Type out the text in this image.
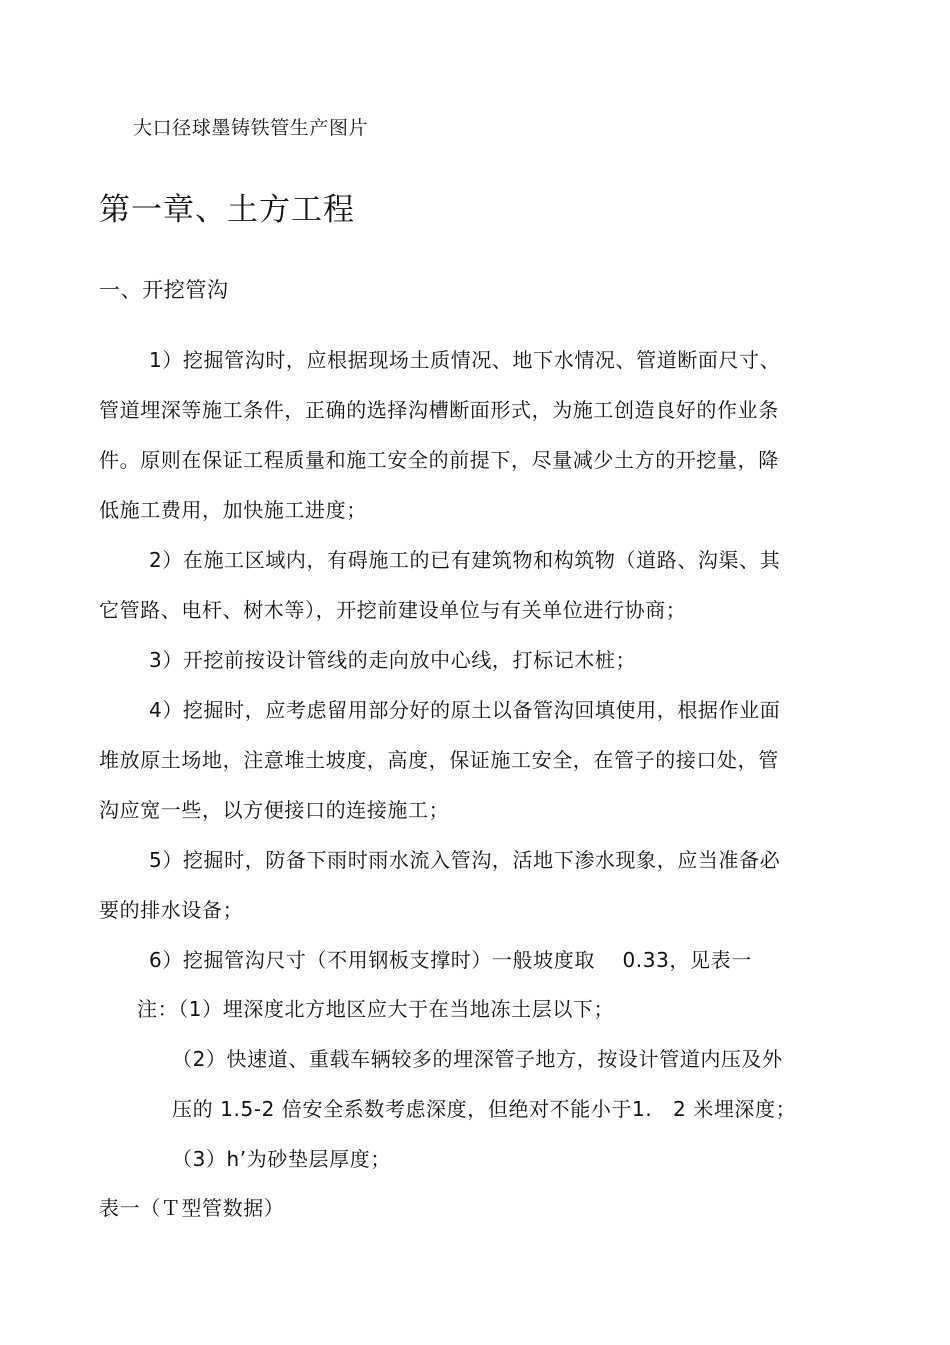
大口径球墨铸铁管生产图片
第一章、土方工程
一、开挖管沟
1）挖掘管沟时，应根据现场土质情况、地下水情况、管道断面尺寸、
管道埋深等施工条件，正确的选择沟槽断面形式，为施工创造良好的作业条
件。原则在保证工程质量和施工安全的前提下，尽量减少土方的开挖量，降
低施工费用，加快施工进度；
2）在施工区域内，有碍施工的已有建筑物和构筑物（道路、沟渠、其
它管路、电杆、树木等），开挖前建设单位与有关单位进行协商；
3）开挖前按设计管线的走向放中心线，打标记木桩；
4）挖掘时，应考虑留用部分好的原土以备管沟回填使用，根据作业面
堆放原土场地，注意堆土坡度，高度，保证施工安全，在管子的接口处，管
沟应宽一些，以方便接口的连接施工；
5）挖掘时，防备下雨时雨水流入管沟，活地下渗水现象，应当准备必
要的排水设备；
6）挖掘管沟尺寸（不用钢板支撑时）一般坡度取　 0.33，见表一
注：（1）埋深度北方地区应大于在当地冻土层以下；
（2）快速道、重载车辆较多的埋深管子地方，按设计管道内压及外
压的 1.5-2 倍安全系数考虑深度，但绝对不能小于1.　2 米埋深度；
（3）h’为砂垫层厚度；
表一（Ｔ型管数据）
